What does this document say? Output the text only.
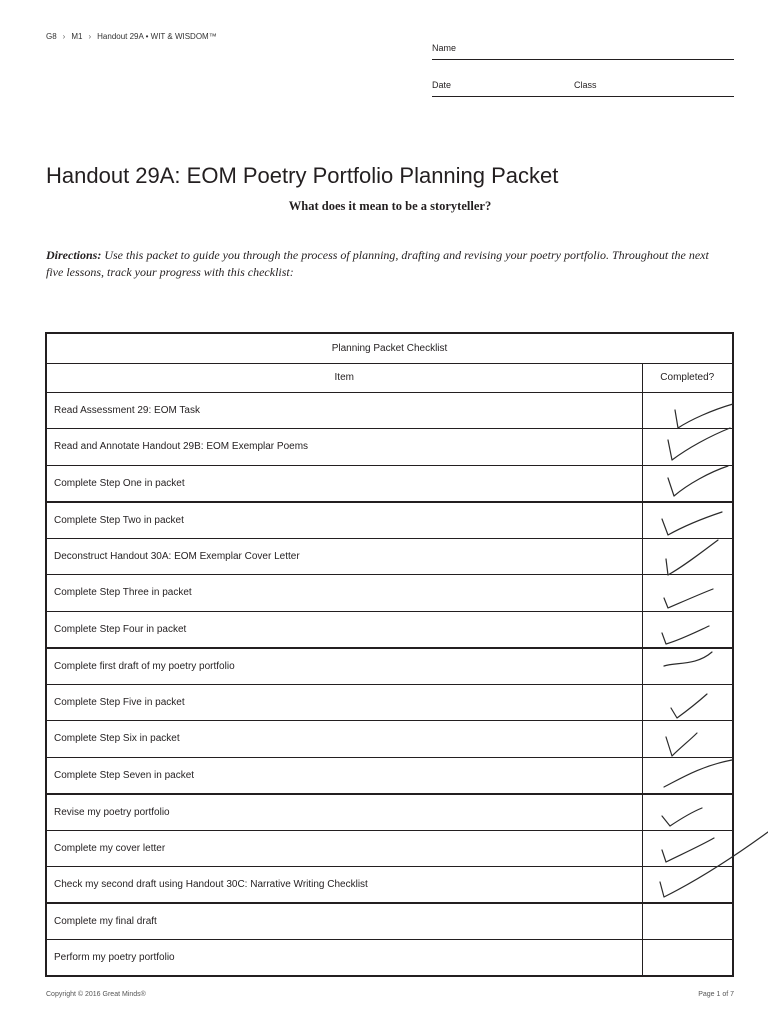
G8 › M1 › Handout 29A • WIT & WISDOM™
Name
Date	Class
Handout 29A: EOM Poetry Portfolio Planning Packet
What does it mean to be a storyteller?

Directions: Use this packet to guide you through the process of planning, drafting and revising your poetry portfolio. Throughout the next five lessons, track your progress with this checklist:

Planning Packet Checklist	
Item	Completed?
Read Assessment 29: EOM Task	
Read and Annotate Handout 29B: EOM Exemplar Poems	
Complete Step One in packet	
Complete Step Two in packet	
Deconstruct Handout 30A: EOM Exemplar Cover Letter	
Complete Step Three in packet	
Complete Step Four in packet	
Complete first draft of my poetry portfolio	
Complete Step Five in packet	
Complete Step Six in packet	
Complete Step Seven in packet	
Revise my poetry portfolio	
Complete my cover letter	
Check my second draft using Handout 30C: Narrative Writing Checklist	
Complete my final draft	
Perform my poetry portfolio	
Copyright © 2016 Great Minds®	Page 1 of 7
